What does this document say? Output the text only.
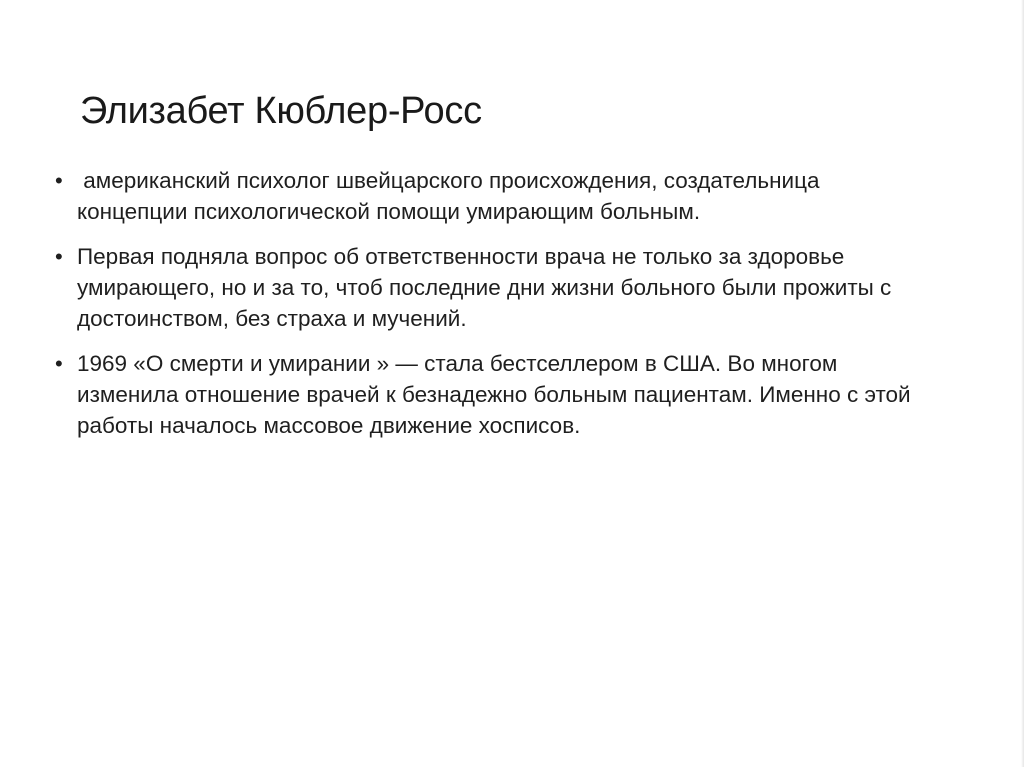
Элизабет Кюблер-Росс
• американский психолог швейцарского происхождения, создательница концепции психологической помощи умирающим больным.
• Первая подняла вопрос об ответственности врача не только за здоровье умирающего, но и за то, чтоб последние дни жизни больного были прожиты с достоинством, без страха и мучений.
• 1969 «О смерти и умирании » — стала бестселлером в США. Во многом изменила отношение врачей к безнадежно больным пациентам. Именно с этой работы началось массовое движение хосписов.
